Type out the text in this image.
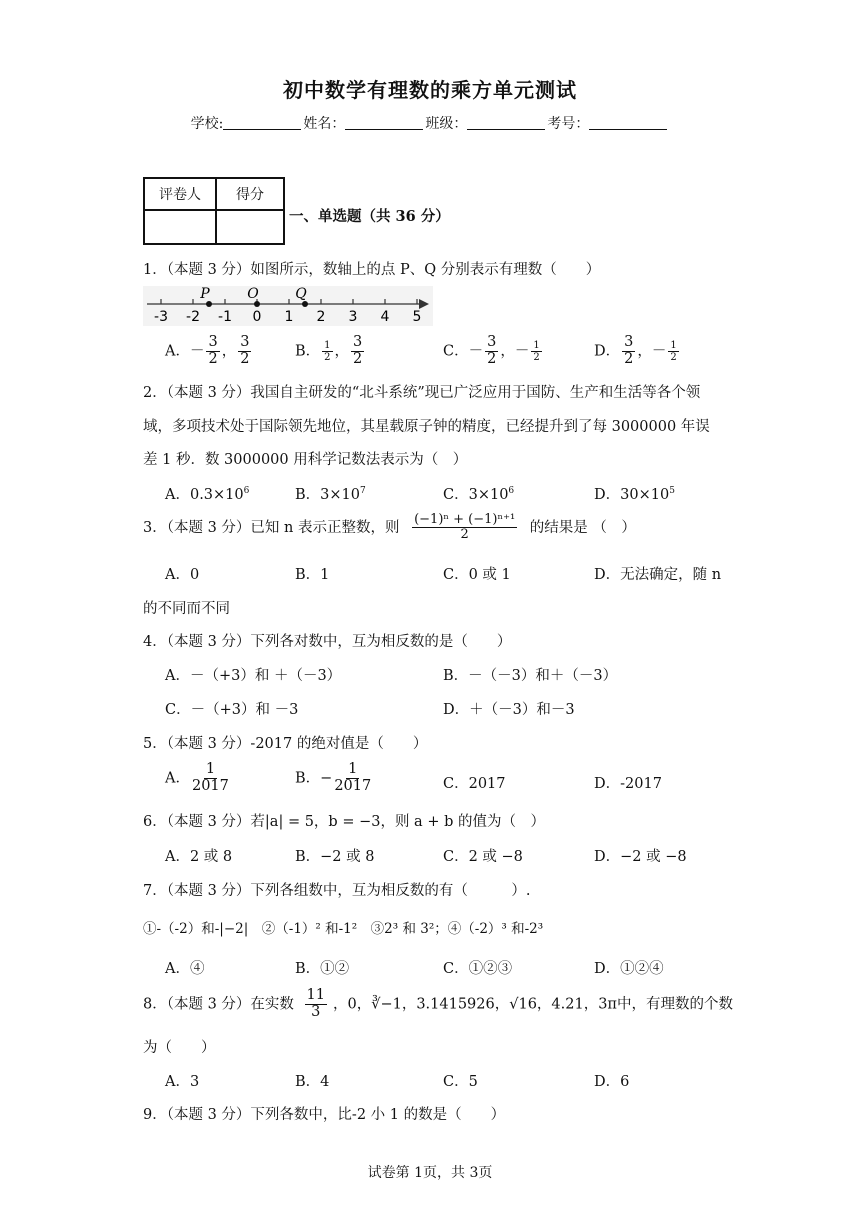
初中数学有理数的乘方单元测试
学校:	姓名：	班级：	考号：
评卷人	得分

一、单选题（共 36 分）
1．（本题 3 分）如图所示，数轴上的点 P、Q 分别表示有理数（　　）
-3 -2 -1 0 1 2 3 4 5
P	O	Q
A．－ $\frac{3}{2}$ ， $\frac{3}{2}$	B． $\frac{1}{2}$ ， $\frac{3}{2}$	C．－ $\frac{3}{2}$ ，－ $\frac{1}{2}$	D． $\frac{3}{2}$ ，－ $\frac{1}{2}$
2．（本题 3 分）我国自主研发的“北斗系统”现已广泛应用于国防、生产和生活等各个领
域，多项技术处于国际领先地位，其星载原子钟的精度，已经提升到了每 3000000 年误
差 1 秒．数 3000000 用科学记数法表示为（　）
A．$0.3\times 10^6$	B．$3\times 10^7$	C．$3\times 10^6$	D．$30\times 10^5$
3．（本题 3 分）已知 n 表示正整数，则 $\frac{\text{(−1)ⁿ + (−1)ⁿ⁺¹}}{2}$ 的结果是 （　）
A．0	B．1	C．0 或 1	D．无法确定，随 n
的不同而不同
4．（本题 3 分）下列各对数中，互为相反数的是（　　）
A．－（+3）和 ＋（－3）	B．－（－3）和＋（－3）
C．－（+3）和 －3	D．＋（－3）和－3
5．（本题 3 分）-2017 的绝对值是（　　）
A． $\frac{1}{2017}$	B．− $\frac{1}{2017}$	C．2017	D．-2017
6．（本题 3 分）若|a| = 5，b = −3，则 a + b 的值为（　）
A．2 或 8	B．−2 或 8	C．2 或 −8	D．−2 或 −8
7．（本题 3 分）下列各组数中，互为相反数的有（　　　）.
①-（-2）和-|−2|　②（-1）² 和-1²　③2³ 和 3²；④（-2）³ 和-2³
A．④	B．①②	C．①②③	D．①②④
8．（本题 3 分）在实数 $\frac{11}{3}$ ，0，∛−1，3.1415926，√16，4.21，3π中，有理数的个数
为（　　）
A．3	B．4	C．5	D．6
9．（本题 3 分）下列各数中，比-2 小 1 的数是（　　）
试卷第 1页，共 3页
